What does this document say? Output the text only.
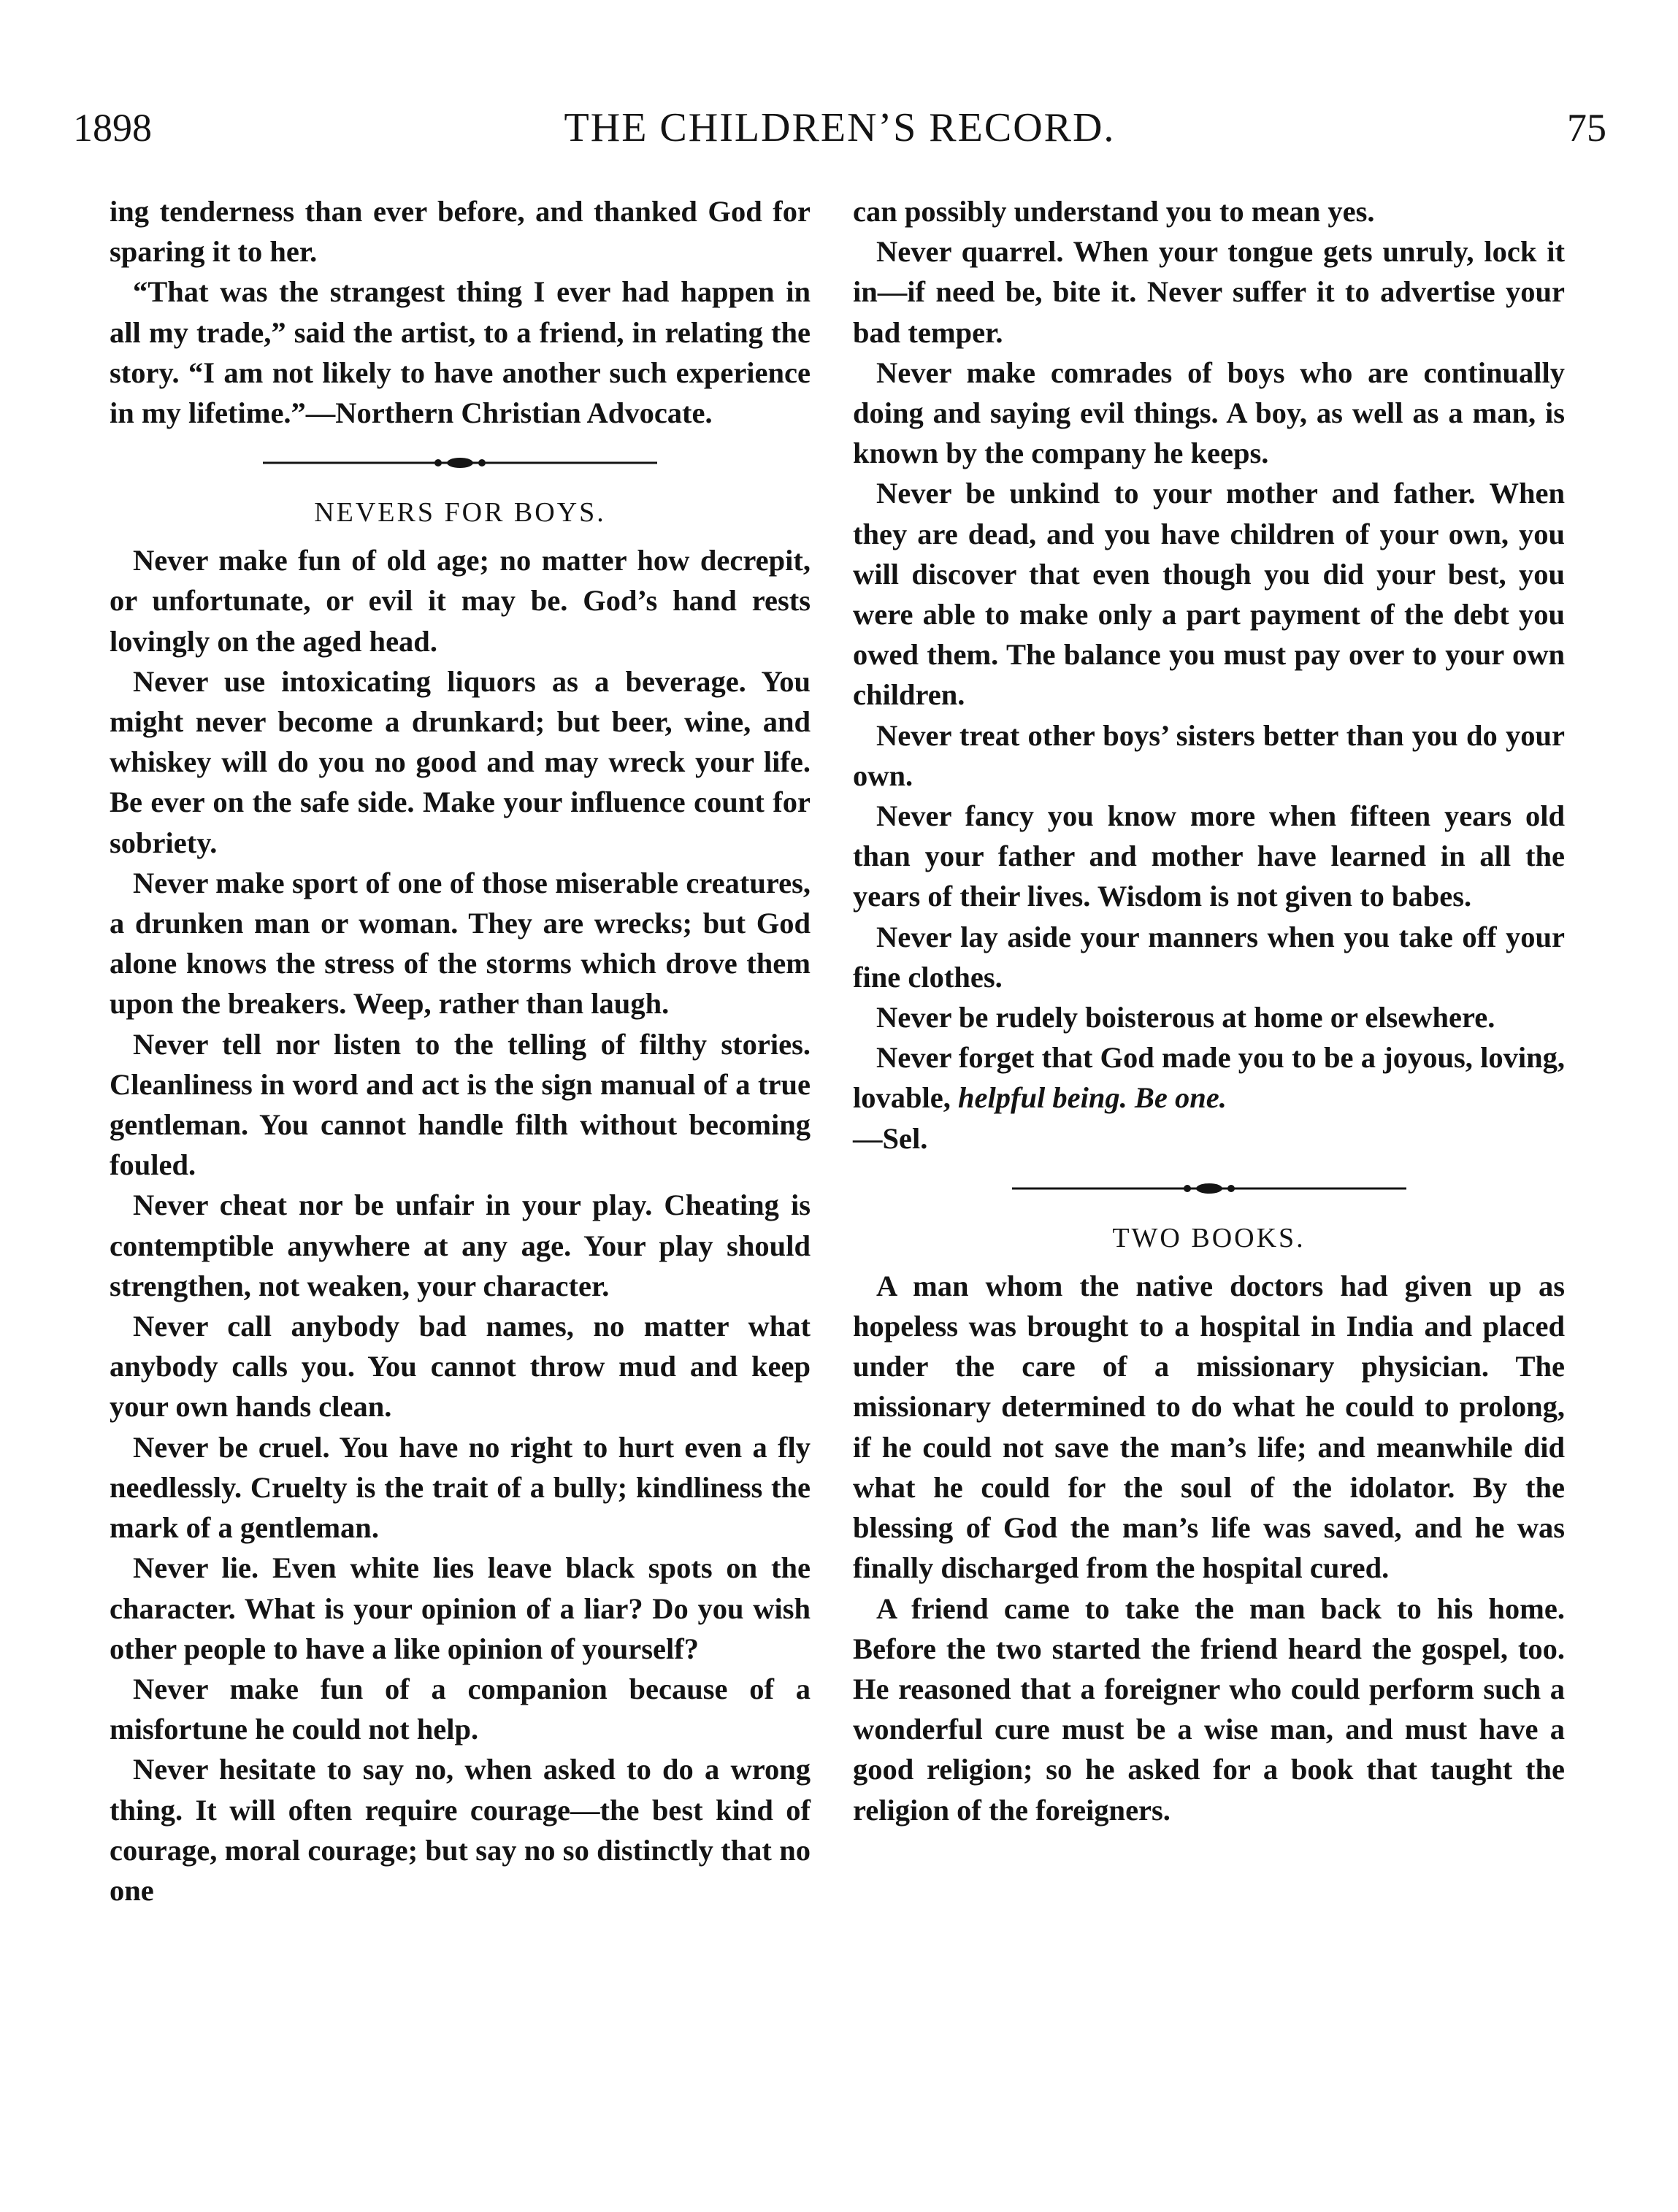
1898	THE CHILDREN’S RECORD.	75

ing tenderness than ever before, and thanked God for sparing it to her.

“That was the strangest thing I ever had happen in all my trade,” said the artist, to a friend, in relating the story. “I am not likely to have another such experience in my lifetime.”—Northern Christian Advocate.

NEVERS FOR BOYS.

Never make fun of old age; no matter how decrepit, or unfortunate, or evil it may be. God’s hand rests lovingly on the aged head.

Never use intoxicating liquors as a beverage. You might never become a drunkard; but beer, wine, and whiskey will do you no good and may wreck your life. Be ever on the safe side. Make your influence count for sobriety.

Never make sport of one of those miserable creatures, a drunken man or woman. They are wrecks; but God alone knows the stress of the storms which drove them upon the breakers. Weep, rather than laugh.

Never tell nor listen to the telling of filthy stories. Cleanliness in word and act is the sign manual of a true gentleman. You cannot handle filth without becoming fouled.

Never cheat nor be unfair in your play. Cheating is contemptible anywhere at any age. Your play should strengthen, not weaken, your character.

Never call anybody bad names, no matter what anybody calls you. You cannot throw mud and keep your own hands clean.

Never be cruel. You have no right to hurt even a fly needlessly. Cruelty is the trait of a bully; kindliness the mark of a gentleman.

Never lie. Even white lies leave black spots on the character. What is your opinion of a liar? Do you wish other people to have a like opinion of yourself?

Never make fun of a companion because of a misfortune he could not help.

Never hesitate to say no, when asked to do a wrong thing. It will often require courage—the best kind of courage, moral courage; but say no so distinctly that no one

can possibly understand you to mean yes.

Never quarrel. When your tongue gets unruly, lock it in—if need be, bite it. Never suffer it to advertise your bad temper.

Never make comrades of boys who are continually doing and saying evil things. A boy, as well as a man, is known by the company he keeps.

Never be unkind to your mother and father. When they are dead, and you have children of your own, you will discover that even though you did your best, you were able to make only a part payment of the debt you owed them. The balance you must pay over to your own children.

Never treat other boys’ sisters better than you do your own.

Never fancy you know more when fifteen years old than your father and mother have learned in all the years of their lives. Wisdom is not given to babes.

Never lay aside your manners when you take off your fine clothes.

Never be rudely boisterous at home or elsewhere.

Never forget that God made you to be a joyous, loving, lovable, helpful being. Be one.

—Sel.

TWO BOOKS.

A man whom the native doctors had given up as hopeless was brought to a hospital in India and placed under the care of a missionary physician. The missionary determined to do what he could to prolong, if he could not save the man’s life; and meanwhile did what he could for the soul of the idolator. By the blessing of God the man’s life was saved, and he was finally discharged from the hospital cured.

A friend came to take the man back to his home. Before the two started the friend heard the gospel, too. He reasoned that a foreigner who could perform such a wonderful cure must be a wise man, and must have a good religion; so he asked for a book that taught the religion of the foreigners.
